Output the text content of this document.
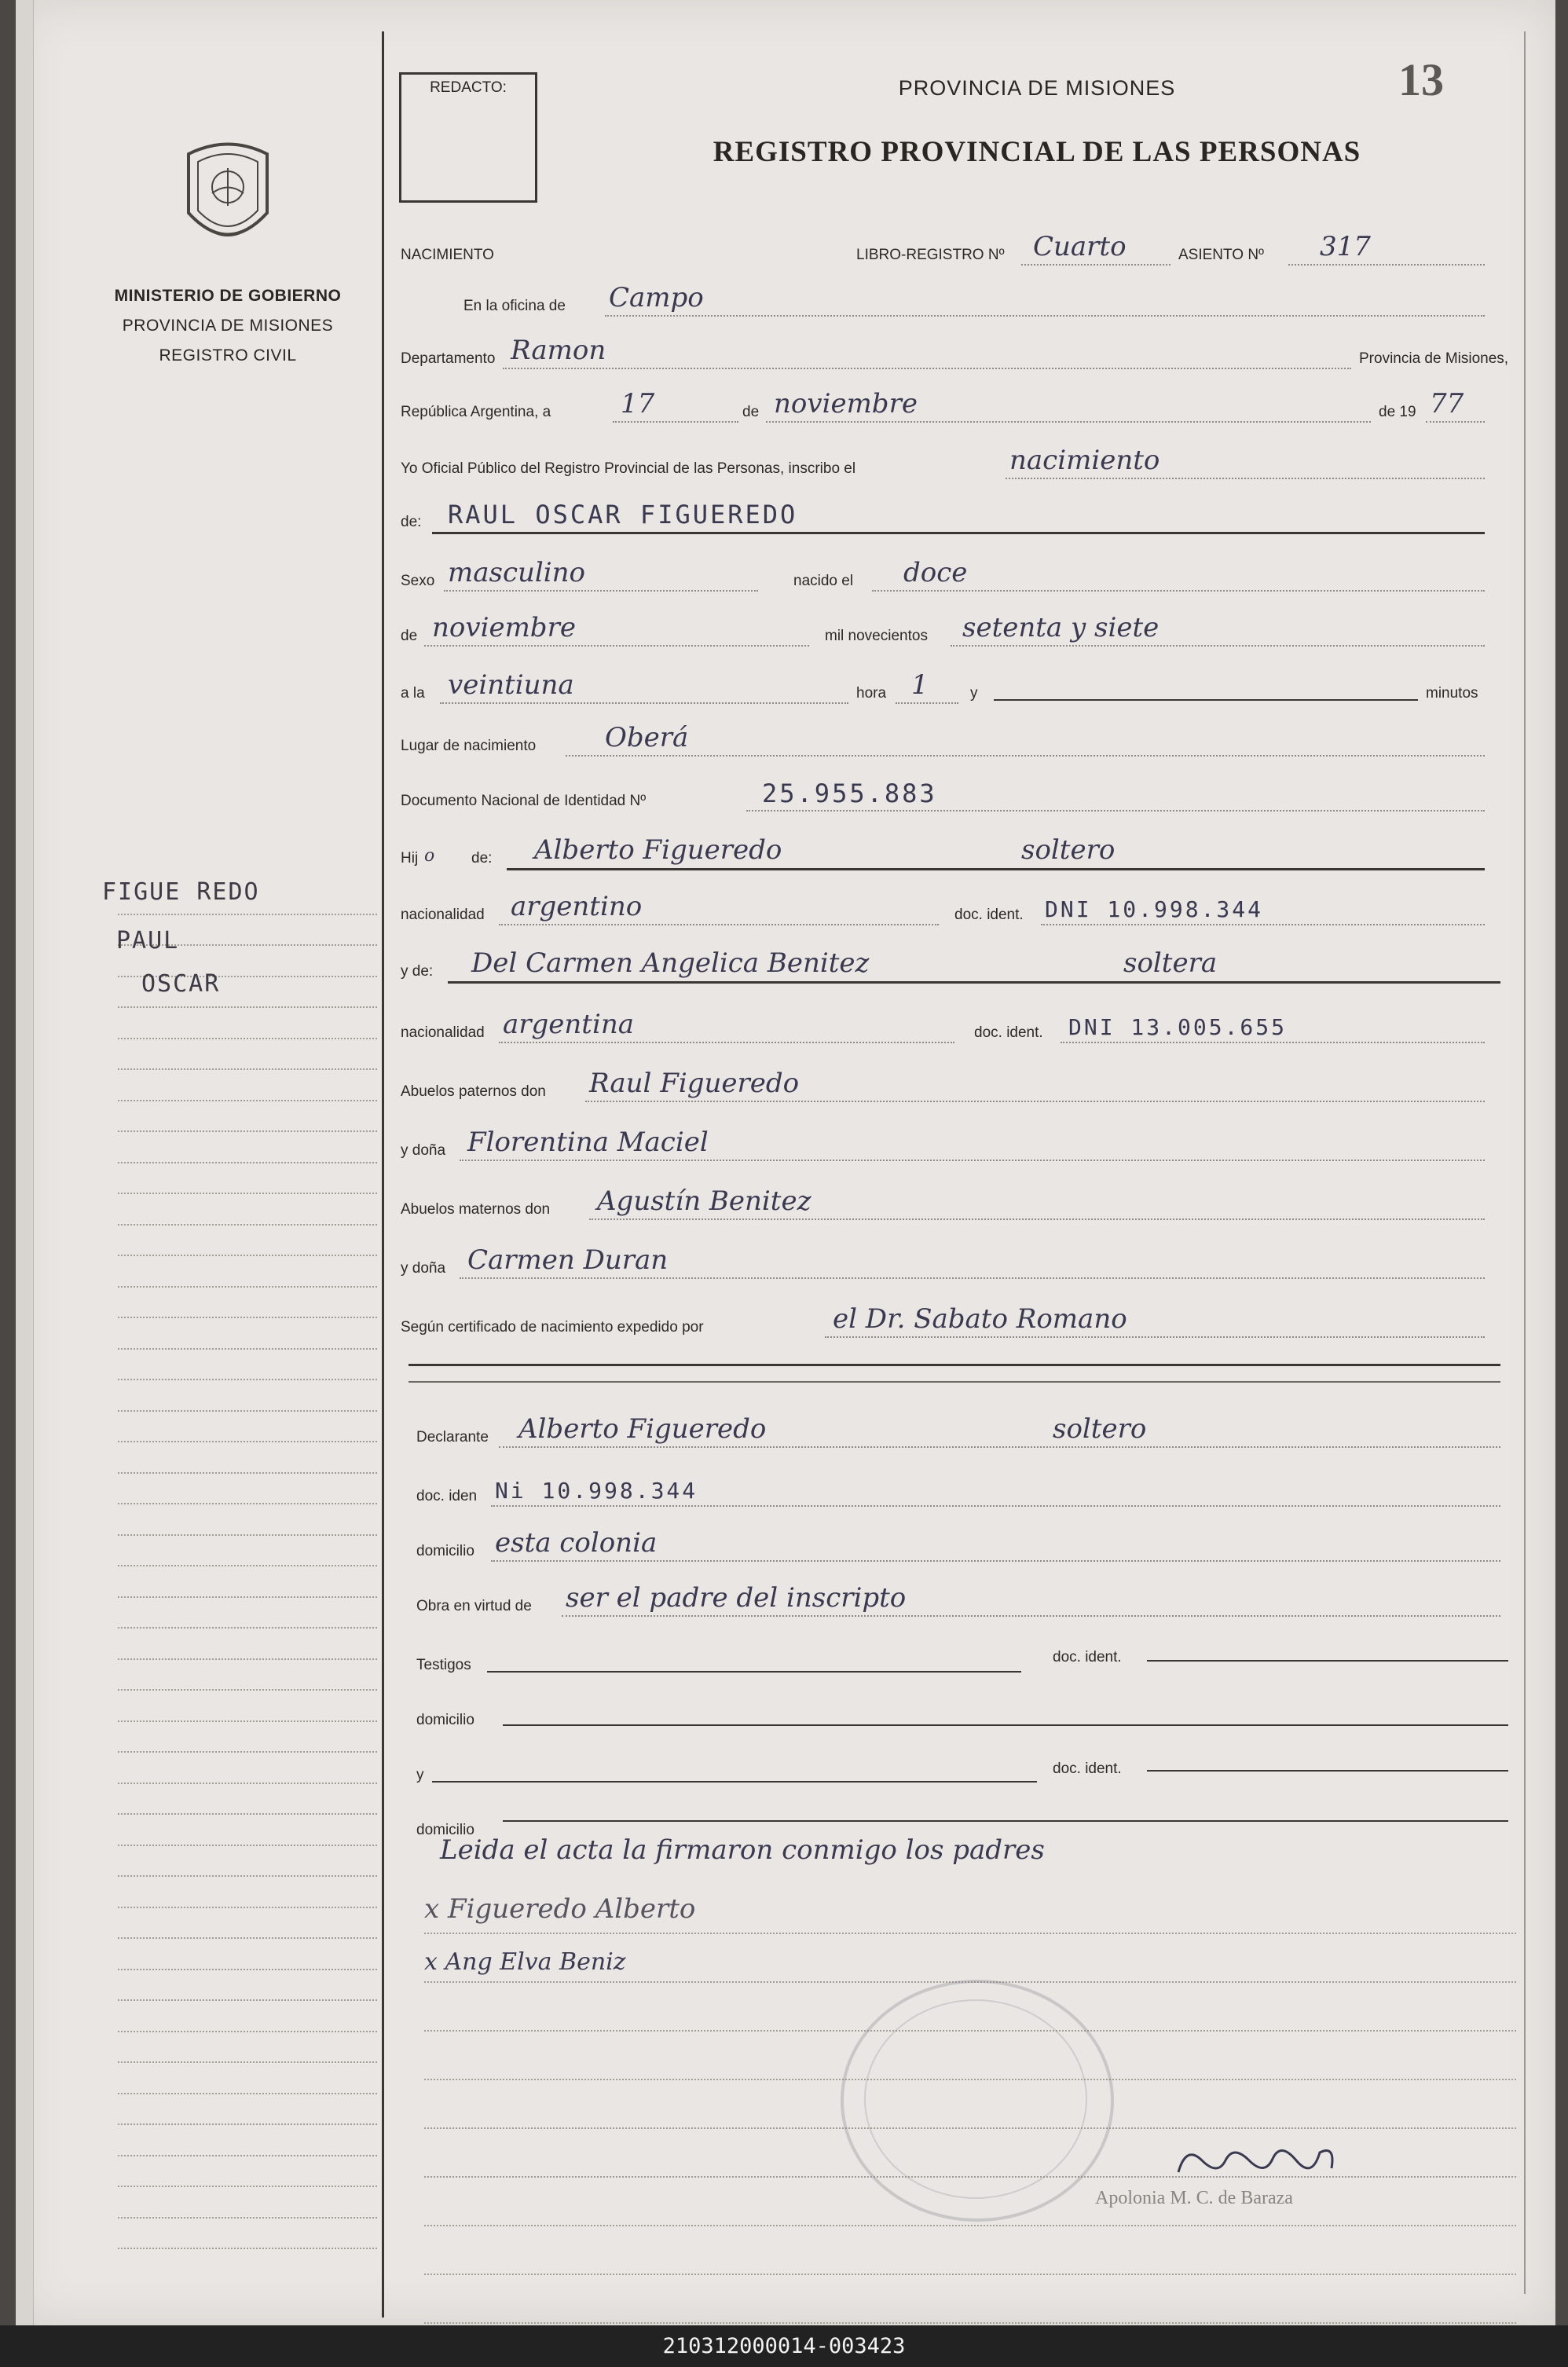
MINISTERIO DE GOBIERNO
PROVINCIA DE MISIONES
REGISTRO CIVIL
FIGUE REDO
PAUL
OSCAR
REDACTO:	PROVINCIA DE MISIONES
REGISTRO PROVINCIAL DE LAS PERSONAS
13
NACIMIENTO	LIBRO-REGISTRO Nº Cuarto	ASIENTO Nº 317
En la oficina de Campo
Departamento Ramon	Provincia de Misiones,
República Argentina, a	17	de noviembre	de 19 77
Yo Oficial Público del Registro Provincial de las Personas, inscribo el	nacimiento
de: RAUL OSCAR FIGUEREDO
Sexo masculino	nacido el doce
de noviembre	mil novecientos setenta y siete
a la veintiuna	hora 1	y	minutos
Lugar de nacimiento	Oberá
Documento Nacional de Identidad Nº	25.955.883
Hij o de: Alberto Figueredo	soltero
nacionalidad argentino	doc. ident. DNI 10.998.344
y de: Del Carmen Angelica Benitez	soltera
nacionalidad argentina	doc. ident. DNI 13.005.655
Abuelos paternos don Raul Figueredo
y doña Florentina Maciel
Abuelos maternos don Agustín Benitez
y doña Carmen Duran
Según certificado de nacimiento expedido por	el Dr. Sabato Romano
Declarante Alberto Figueredo	soltero
doc. iden Ni 10.998.344
domicilio esta colonia
Obra en virtud de ser el padre del inscripto
Testigos	doc. ident.
domicilio
y	doc. ident.
domicilio
Leida el acta la firmaron conmigo los padres
x Figueredo Alberto
x Ang Elva Beniz
Apolonia M. C. de Baraza
210312000014-003423
